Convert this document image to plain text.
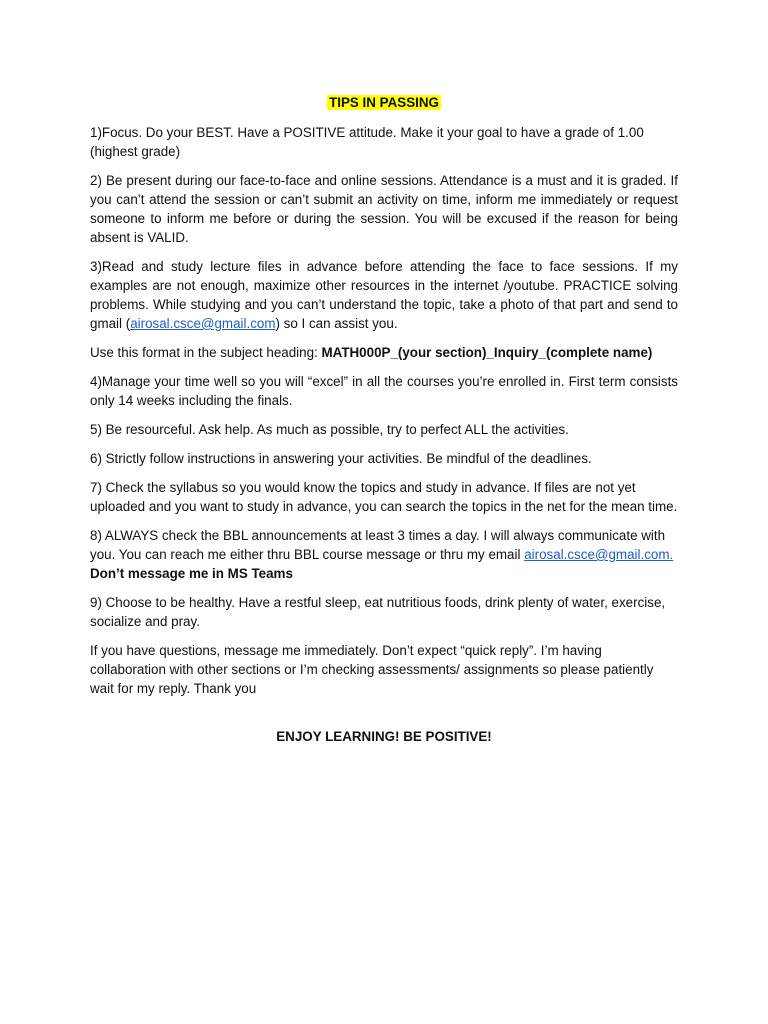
TIPS IN PASSING

1)Focus. Do your BEST. Have a POSITIVE attitude. Make it your goal to have a grade of 1.00 (highest grade)

2) Be present during our face-to-face and online sessions. Attendance is a must and it is graded. If you can’t attend the session or can’t submit an activity on time, inform me immediately or request someone to inform me before or during the session. You will be excused if the reason for being absent is VALID.

3)Read and study lecture files in advance before attending the face to face sessions. If my examples are not enough, maximize other resources in the internet /youtube. PRACTICE solving problems. While studying and you can’t understand the topic, take a photo of that part and send to gmail (airosal.csce@gmail.com) so I can assist you.

Use this format in the subject heading: MATH000P_(your section)_Inquiry_(complete name)

4)Manage your time well so you will “excel” in all the courses you’re enrolled in. First term consists only 14 weeks including the finals.

5) Be resourceful. Ask help. As much as possible, try to perfect ALL the activities.

6) Strictly follow instructions in answering your activities. Be mindful of the deadlines.

7) Check the syllabus so you would know the topics and study in advance. If files are not yet uploaded and you want to study in advance, you can search the topics in the net for the mean time.

8) ALWAYS check the BBL announcements at least 3 times a day. I will always communicate with you. You can reach me either thru BBL course message or thru my email airosal.csce@gmail.com. Don’t message me in MS Teams

9) Choose to be healthy. Have a restful sleep, eat nutritious foods, drink plenty of water, exercise, socialize and pray.

If you have questions, message me immediately. Don’t expect “quick reply”. I’m having collaboration with other sections or I’m checking assessments/ assignments so please patiently wait for my reply. Thank you

ENJOY LEARNING! BE POSITIVE!
